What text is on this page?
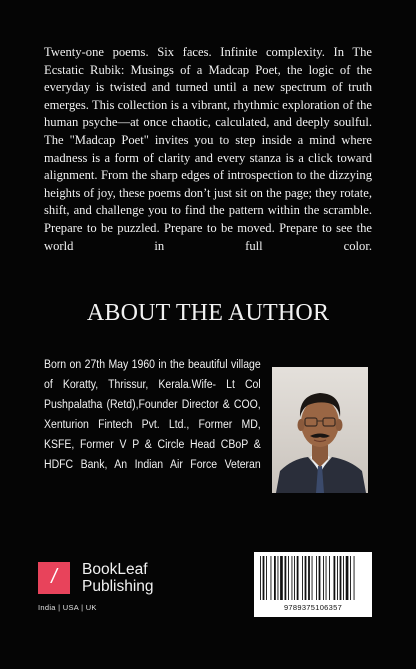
Twenty-one poems. Six faces. Infinite complexity. In The Ecstatic Rubik: Musings of a Madcap Poet, the logic of the everyday is twisted and turned until a new spectrum of truth emerges. This collection is a vibrant, rhythmic exploration of the human psyche—at once chaotic, calculated, and deeply soulful. The "Madcap Poet" invites you to step inside a mind where madness is a form of clarity and every stanza is a click toward alignment. From the sharp edges of introspection to the dizzying heights of joy, these poems don’t just sit on the page; they rotate, shift, and challenge you to find the pattern within the scramble. Prepare to be puzzled. Prepare to be moved. Prepare to see the world in full color.

ABOUT THE AUTHOR

Born on 27th May 1960 in the beautiful village of Koratty, Thrissur, Kerala.Wife- Lt Col Pushpalatha (Retd),Founder Director & COO, Xenturion Fintech Pvt. Ltd., Former MD, KSFE, Former V P & Circle Head CBoP & HDFC Bank, An Indian Air Force Veteran

/	BookLeaf
Publishing
India | USA | UK	9789375106357
